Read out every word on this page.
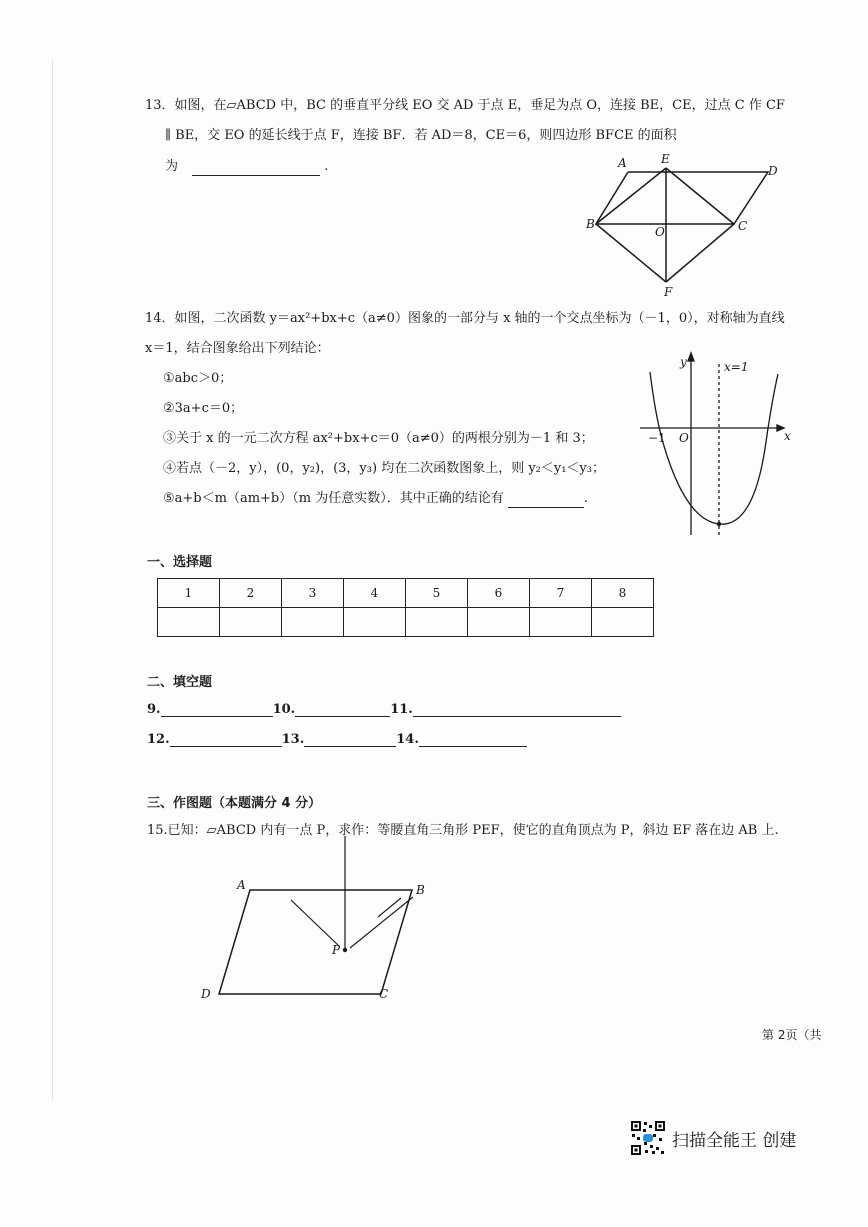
13．如图，在▱ABCD 中，BC 的垂直平分线 EO 交 AD 于点 E，垂足为点 O，连接 BE，CE，过点 C 作 CF
∥ BE，交 EO 的延长线于点 F，连接 BF．若 AD＝8，CE＝6，则四边形 BFCE 的面积
为	.	A	E
D
B
O	C
F
14．如图，二次函数 y＝ax²+bx+c（a≠0）图象的一部分与 x 轴的一个交点坐标为（－1，0），对称轴为直线
x＝1，结合图象给出下列结论：
①abc＞0；
②3a+c＝0；
③关于 x 的一元二次方程 ax²+bx+c＝0（a≠0）的两根分别为－1 和 3；
④若点（－2，y），(0，y₂)，(3，y₃) 均在二次函数图象上，则 y₂＜y₁＜y₃；
⑤a+b＜m（am+b）（m 为任意实数）．其中正确的结论有	.
y
x
x=1
−1 O
一、选择题
1	2	3	4	5	6	7	8

二、填空题
9.	10.	11.
12.	13.	14.
三、作图题（本题满分 4 分）
15.已知：▱ABCD 内有一点 P，求作：等腰直角三角形 PEF，使它的直角顶点为 P，斜边 EF 落在边 AB 上.
A	B
C
D
P
第 2页（共
扫描全能王 创建
